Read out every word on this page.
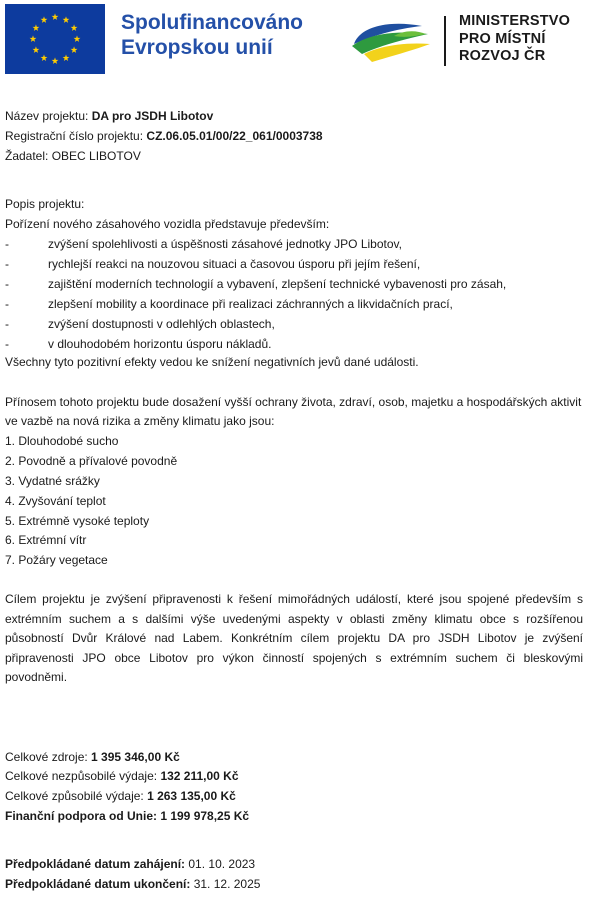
Spolufinancováno
Evropskou unií
MINISTERSTVO
PRO MÍSTNÍ
ROZVOJ ČR
Název projektu: DA pro JSDH Libotov
Registrační číslo projektu: CZ.06.05.01/00/22_061/0003738
Žadatel: OBEC LIBOTOV
Popis projektu:
Pořízení nového zásahového vozidla představuje především:
-	zvýšení spolehlivosti a úspěšnosti zásahové jednotky JPO Libotov,
-	rychlejší reakci na nouzovou situaci a časovou úsporu při jejím řešení,
-	zajištění moderních technologií a vybavení, zlepšení technické vybavenosti pro zásah,
-	zlepšení mobility a koordinace při realizaci záchranných a likvidačních prací,
-	zvýšení dostupnosti v odlehlých oblastech,
-	v dlouhodobém horizontu úsporu nákladů.
Všechny tyto pozitivní efekty vedou ke snížení negativních jevů dané události.
Přínosem tohoto projektu bude dosažení vyšší ochrany života, zdraví, osob, majetku a hospodářských aktivit ve vazbě na nová rizika a změny klimatu jako jsou:
1. Dlouhodobé sucho
2. Povodně a přívalové povodně
3. Vydatné srážky
4. Zvyšování teplot
5. Extrémně vysoké teploty
6. Extrémní vítr
7. Požáry vegetace
Cílem projektu je zvýšení připravenosti k řešení mimořádných událostí, které jsou spojené především s extrémním suchem a s dalšími výše uvedenými aspekty v oblasti změny klimatu obce s rozšířenou působností Dvůr Králové nad Labem. Konkrétním cílem projektu DA pro JSDH Libotov je zvýšení připravenosti JPO obce Libotov pro výkon činností spojených s extrémním suchem či bleskovými povodněmi.
Celkové zdroje: 1 395 346,00 Kč
Celkové nezpůsobilé výdaje: 132 211,00 Kč
Celkové způsobilé výdaje: 1 263 135,00 Kč
Finanční podpora od Unie: 1 199 978,25 Kč
Předpokládané datum zahájení: 01. 10. 2023
Předpokládané datum ukončení: 31. 12. 2025
